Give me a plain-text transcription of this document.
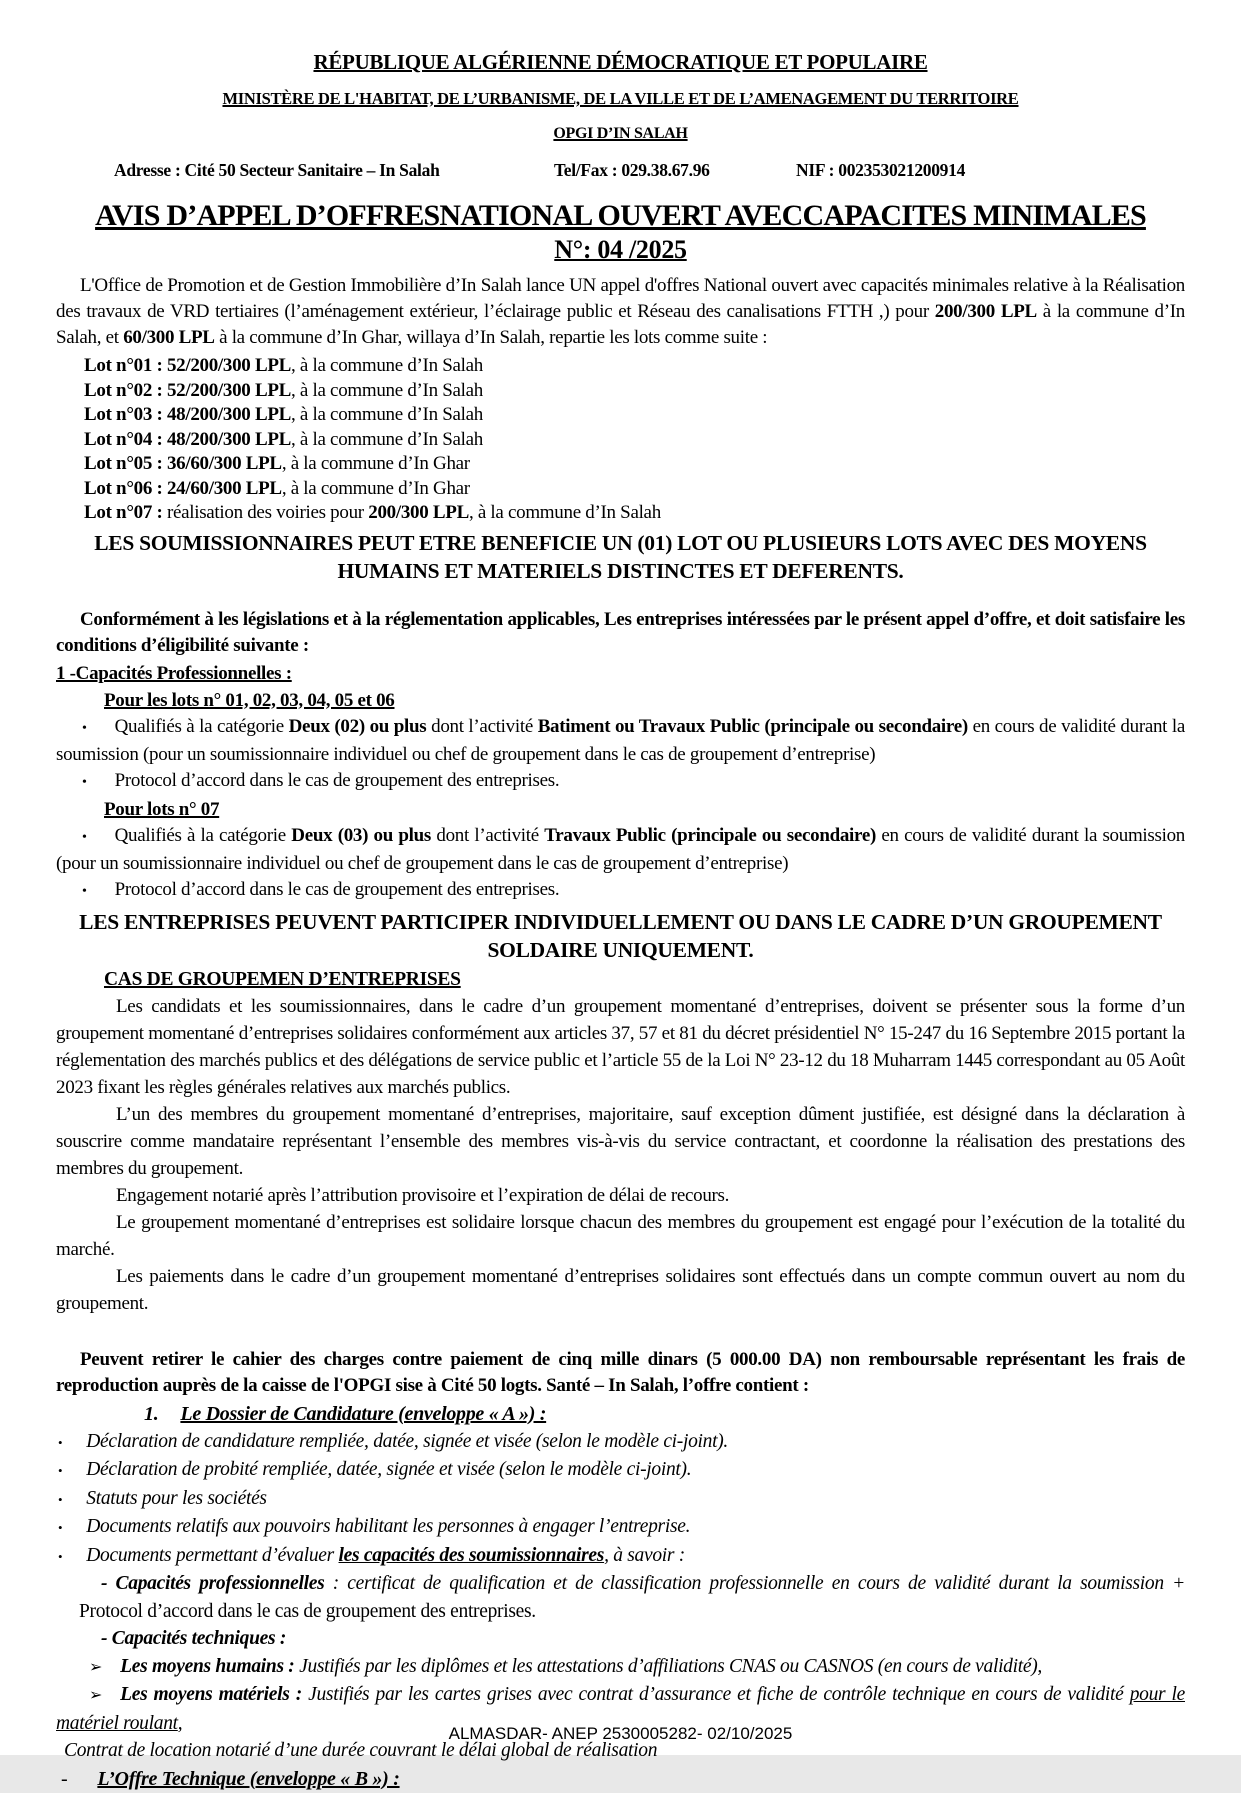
RÉPUBLIQUE ALGÉRIENNE DÉMOCRATIQUE ET POPULAIRE

MINISTÈRE DE L'HABITAT, DE L’URBANISME, DE LA VILLE ET DE L’AMENAGEMENT DU TERRITOIRE

OPGI D’IN SALAH

Adresse : Cité 50 Secteur Sanitaire – In Salah	Tel/Fax : 029.38.67.96	NIF : 002353021200914

AVIS D’APPEL D’OFFRESNATIONAL OUVERT AVECCAPACITES MINIMALES

N°: 04 /2025

L'Office de Promotion et de Gestion Immobilière d’In Salah lance UN appel d'offres National ouvert avec capacités minimales relative à la Réalisation des travaux de VRD tertiaires (l’aménagement extérieur, l’éclairage public et Réseau des canalisations FTTH ,) pour 200/300 LPL à la commune d’In Salah, et 60/300 LPL à la commune d’In Ghar, willaya d’In Salah, repartie les lots comme suite :

Lot n°01 : 52/200/300 LPL, à la commune d’In Salah

Lot n°02 : 52/200/300 LPL, à la commune d’In Salah

Lot n°03 : 48/200/300 LPL, à la commune d’In Salah

Lot n°04 : 48/200/300 LPL, à la commune d’In Salah

Lot n°05 : 36/60/300 LPL, à la commune d’In Ghar

Lot n°06 : 24/60/300 LPL, à la commune d’In Ghar

Lot n°07 : réalisation des voiries pour 200/300 LPL, à la commune d’In Salah

LES SOUMISSIONNAIRES PEUT ETRE BENEFICIE UN (01) LOT OU PLUSIEURS LOTS AVEC DES MOYENS HUMAINS ET MATERIELS DISTINCTES ET DEFERENTS.

Conformément à les législations et à la réglementation applicables, Les entreprises intéressées par le présent appel d’offre, et doit satisfaire les conditions d’éligibilité suivante :

1 -Capacités Professionnelles :

Pour les lots n° 01, 02, 03, 04, 05 et 06

• Qualifiés à la catégorie Deux (02) ou plus dont l’activité Batiment ou Travaux Public (principale ou secondaire) en cours de validité durant la soumission (pour un soumissionnaire individuel ou chef de groupement dans le cas de groupement d’entreprise)

• Protocol d’accord dans le cas de groupement des entreprises.

Pour lots n° 07

• Qualifiés à la catégorie Deux (03) ou plus dont l’activité Travaux Public (principale ou secondaire) en cours de validité durant la soumission (pour un soumissionnaire individuel ou chef de groupement dans le cas de groupement d’entreprise)

• Protocol d’accord dans le cas de groupement des entreprises.

LES ENTREPRISES PEUVENT PARTICIPER INDIVIDUELLEMENT OU DANS LE CADRE D’UN GROUPEMENT SOLDAIRE UNIQUEMENT.

CAS DE GROUPEMEN D’ENTREPRISES

Les candidats et les soumissionnaires, dans le cadre d’un groupement momentané d’entreprises, doivent se présenter sous la forme d’un groupement momentané d’entreprises solidaires conformément aux articles 37, 57 et 81 du décret présidentiel N° 15-247 du 16 Septembre 2015 portant la réglementation des marchés publics et des délégations de service public et l’article 55 de la Loi N° 23-12 du 18 Muharram 1445 correspondant au 05 Août 2023 fixant les règles générales relatives aux marchés publics.

L’un des membres du groupement momentané d’entreprises, majoritaire, sauf exception dûment justifiée, est désigné dans la déclaration à souscrire comme mandataire représentant l’ensemble des membres vis-à-vis du service contractant, et coordonne la réalisation des prestations des membres du groupement.

Engagement notarié après l’attribution provisoire et l’expiration de délai de recours.

Le groupement momentané d’entreprises est solidaire lorsque chacun des membres du groupement est engagé pour l’exécution de la totalité du marché.

Les paiements dans le cadre d’un groupement momentané d’entreprises solidaires sont effectués dans un compte commun ouvert au nom du groupement.

Peuvent retirer le cahier des charges contre paiement de cinq mille dinars (5 000.00 DA) non remboursable représentant les frais de reproduction auprès de la caisse de l'OPGI sise à Cité 50 logts. Santé – In Salah, l’offre contient :

1. Le Dossier de Candidature (enveloppe « A ») :

• Déclaration de candidature rempliée, datée, signée et visée (selon le modèle ci-joint).

• Déclaration de probité rempliée, datée, signée et visée (selon le modèle ci-joint).

• Statuts pour les sociétés

• Documents relatifs aux pouvoirs habilitant les personnes à engager l’entreprise.

• Documents permettant d’évaluer les capacités des soumissionnaires, à savoir :

- Capacités professionnelles : certificat de qualification et de classification professionnelle en cours de validité durant la soumission + Protocol d’accord dans le cas de groupement des entreprises.

- Capacités techniques :

➢ Les moyens humains : Justifiés par les diplômes et les attestations d’affiliations CNAS ou CASNOS (en cours de validité),

➢ Les moyens matériels : Justifiés par les cartes grises avec contrat d’assurance et fiche de contrôle technique en cours de validité pour le matériel roulant,

Contrat de location notarié d’une durée couvrant le délai global de réalisation

- L’Offre Technique (enveloppe « B ») :

ALMASDAR- ANEP 2530005282- 02/10/2025
